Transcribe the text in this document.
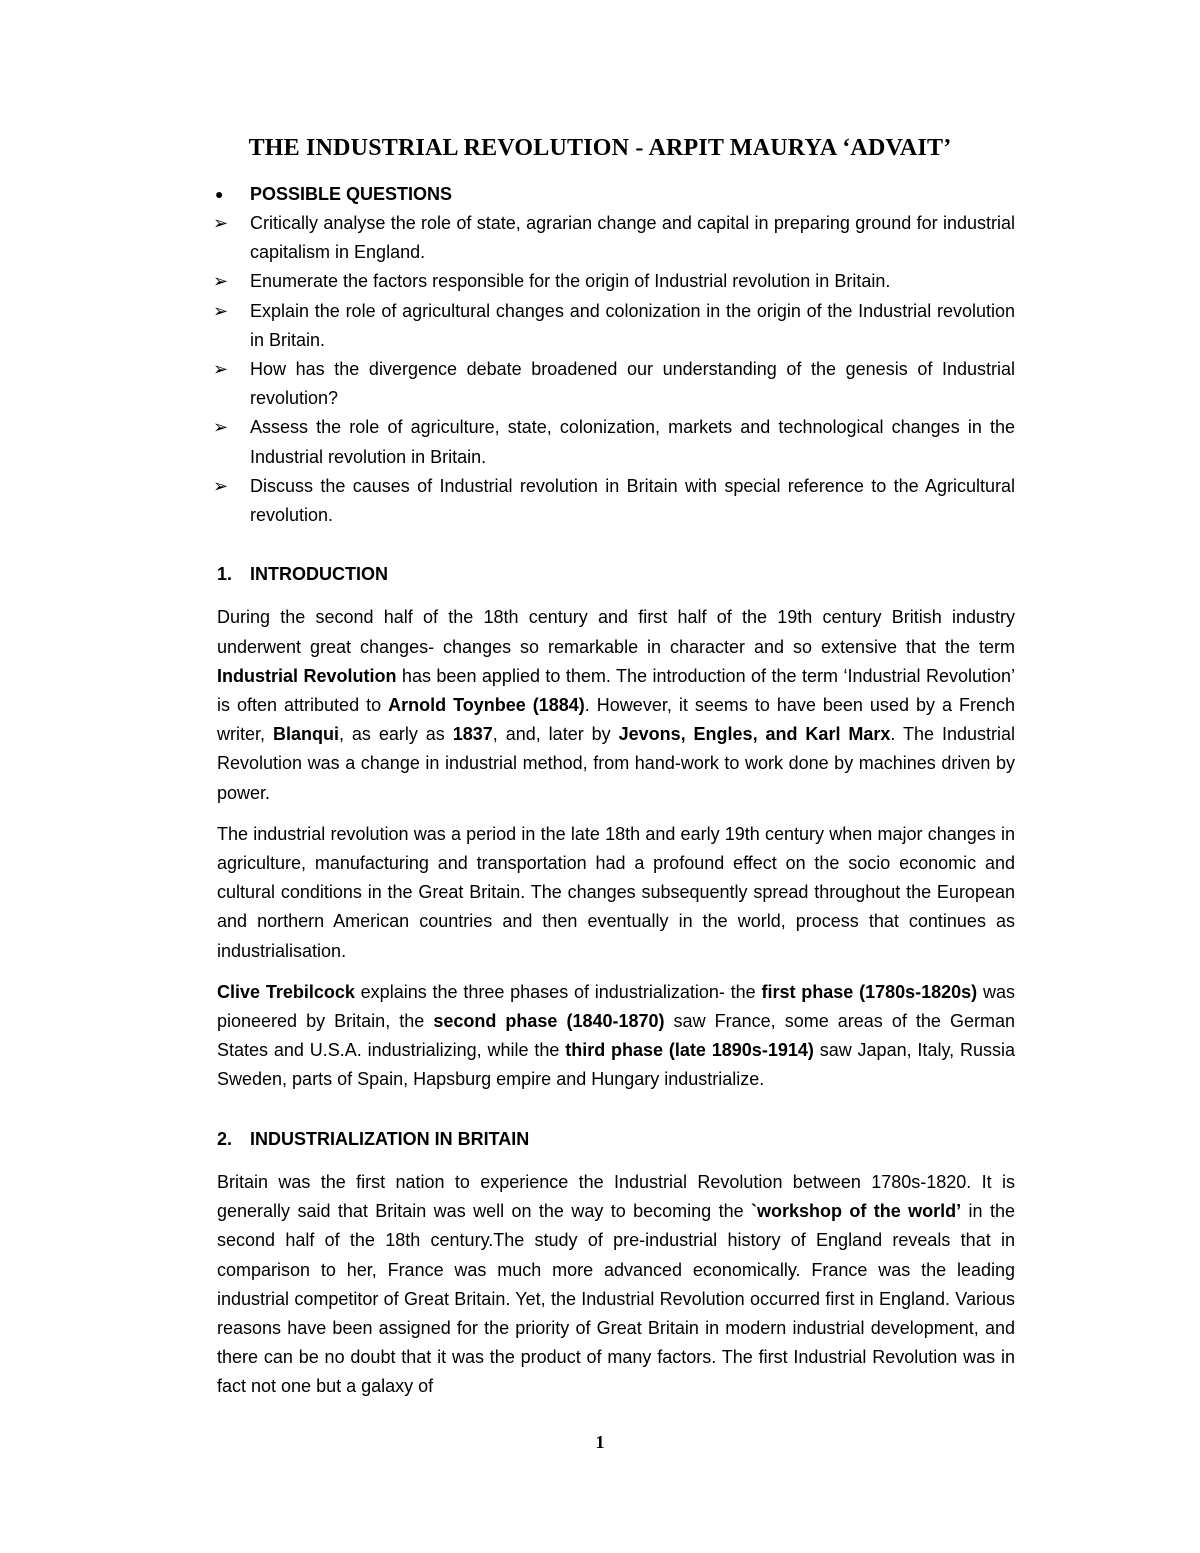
THE INDUSTRIAL REVOLUTION - ARPIT MAURYA ‘ADVAIT’
● POSSIBLE QUESTIONS
➢ Critically analyse the role of state, agrarian change and capital in preparing ground for industrial capitalism in England.
➢ Enumerate the factors responsible for the origin of Industrial revolution in Britain.
➢ Explain the role of agricultural changes and colonization in the origin of the Industrial revolution in Britain.
➢ How has the divergence debate broadened our understanding of the genesis of Industrial revolution?
➢ Assess the role of agriculture, state, colonization, markets and technological changes in the Industrial revolution in Britain.
➢ Discuss the causes of Industrial revolution in Britain with special reference to the Agricultural revolution.
1. INTRODUCTION

During the second half of the 18th century and first half of the 19th century British industry underwent great changes- changes so remarkable in character and so extensive that the term Industrial Revolution has been applied to them. The introduction of the term ‘Industrial Revolution’ is often attributed to Arnold Toynbee (1884). However, it seems to have been used by a French writer, Blanqui, as early as 1837, and, later by Jevons, Engles, and Karl Marx. The Industrial Revolution was a change in industrial method, from hand-work to work done by machines driven by power.

The industrial revolution was a period in the late 18th and early 19th century when major changes in agriculture, manufacturing and transportation had a profound effect on the socio economic and cultural conditions in the Great Britain. The changes subsequently spread throughout the European and northern American countries and then eventually in the world, process that continues as industrialisation.

Clive Trebilcock explains the three phases of industrialization- the first phase (1780s-1820s) was pioneered by Britain, the second phase (1840-1870) saw France, some areas of the German States and U.S.A. industrializing, while the third phase (late 1890s-1914) saw Japan, Italy, Russia Sweden, parts of Spain, Hapsburg empire and Hungary industrialize.

2. INDUSTRIALIZATION IN BRITAIN

Britain was the first nation to experience the Industrial Revolution between 1780s-1820. It is generally said that Britain was well on the way to becoming the `workshop of the world’ in the second half of the 18th century.The study of pre-industrial history of England reveals that in comparison to her, France was much more advanced economically. France was the leading industrial competitor of Great Britain. Yet, the Industrial Revolution occurred first in England. Various reasons have been assigned for the priority of Great Britain in modern industrial development, and there can be no doubt that it was the product of many factors. The first Industrial Revolution was in fact not one but a galaxy of

1
